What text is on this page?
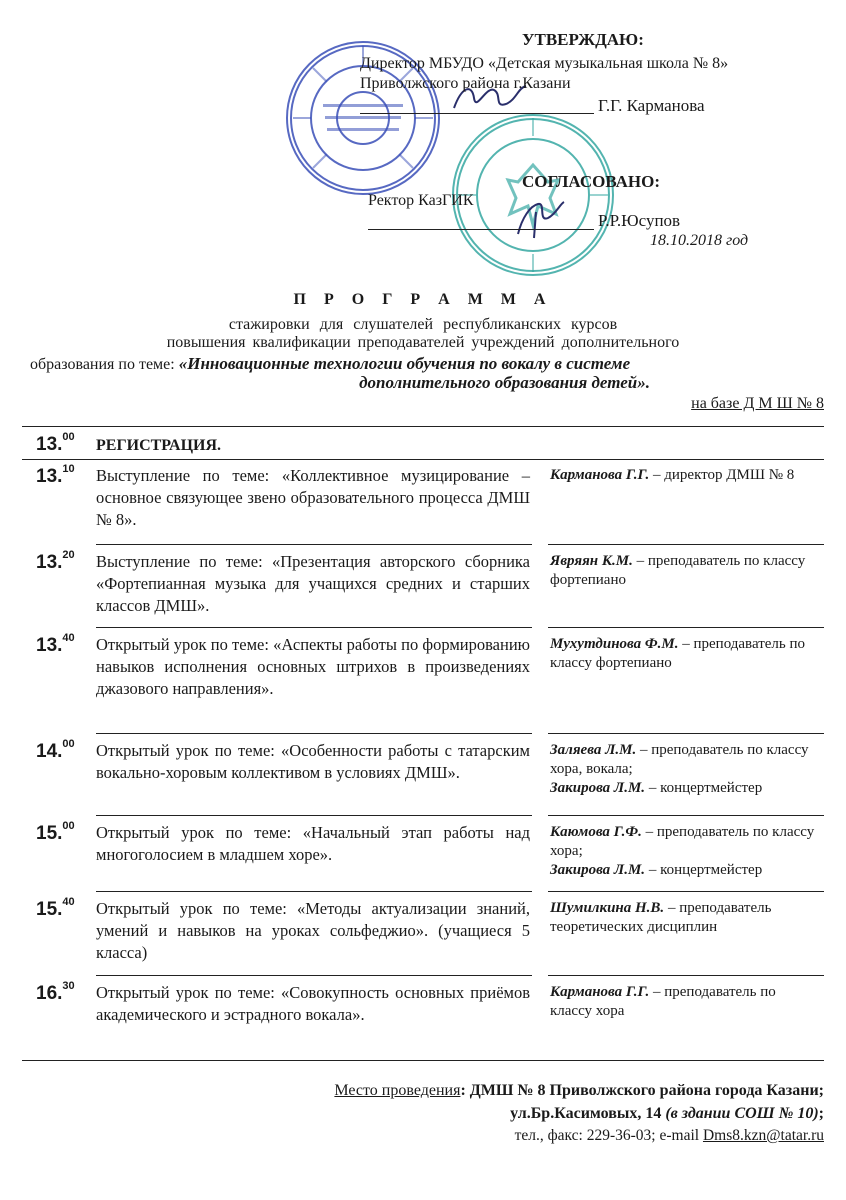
УТВЕРЖДАЮ:
Директор МБУДО «Детская музыкальная школа № 8»
Приволжского района г.Казани
Г.Г. Карманова
СОГЛАСОВАНО:
Ректор КазГИК
Р.Р.Юсупов
18.10.2018 год
П Р О Г Р А М М А
стажировки для слушателей республиканских курсов
повышения квалификации преподавателей учреждений дополнительного
образования по теме: «Инновационные технологии обучения по вокалу в системе
дополнительного образования детей».
на базе Д М Ш № 8
13.00 РЕГИСТРАЦИЯ.
13.10 Выступление по теме: «Коллективное музицирование – основное связующее звено образовательного процесса ДМШ № 8».
Карманова Г.Г. – директор ДМШ № 8
13.20 Выступление по теме: «Презентация авторского сборника «Фортепианная музыка для учащихся средних и старших классов ДМШ».
Явряян К.М. – преподаватель по классу фортепиано
13.40 Открытый урок по теме: «Аспекты работы по формированию навыков исполнения основных штрихов в произведениях джазового направления».
Мухутдинова Ф.М. – преподаватель по классу фортепиано
14.00 Открытый урок по теме: «Особенности работы с татарским вокально-хоровым коллективом в условиях ДМШ».
Заляева Л.М. – преподаватель по классу хора, вокала;
Закирова Л.М. – концертмейстер
15.00 Открытый урок по теме: «Начальный этап работы над многоголосием в младшем хоре».
Каюмова Г.Ф. – преподаватель по классу хора;
Закирова Л.М. – концертмейстер
15.40 Открытый урок по теме: «Методы актуализации знаний, умений и навыков на уроках сольфеджио». (учащиеся 5 класса)
Шумилкина Н.В. – преподаватель теоретических дисциплин
16.30 Открытый урок по теме: «Совокупность основных приёмов академического и эстрадного вокала».
Карманова Г.Г. – преподаватель по классу хора
Место проведения: ДМШ № 8 Приволжского района города Казани;
ул.Бр.Касимовых, 14 (в здании СОШ № 10);
тел., факс: 229-36-03; e-mail Dms8.kzn@tatar.ru
